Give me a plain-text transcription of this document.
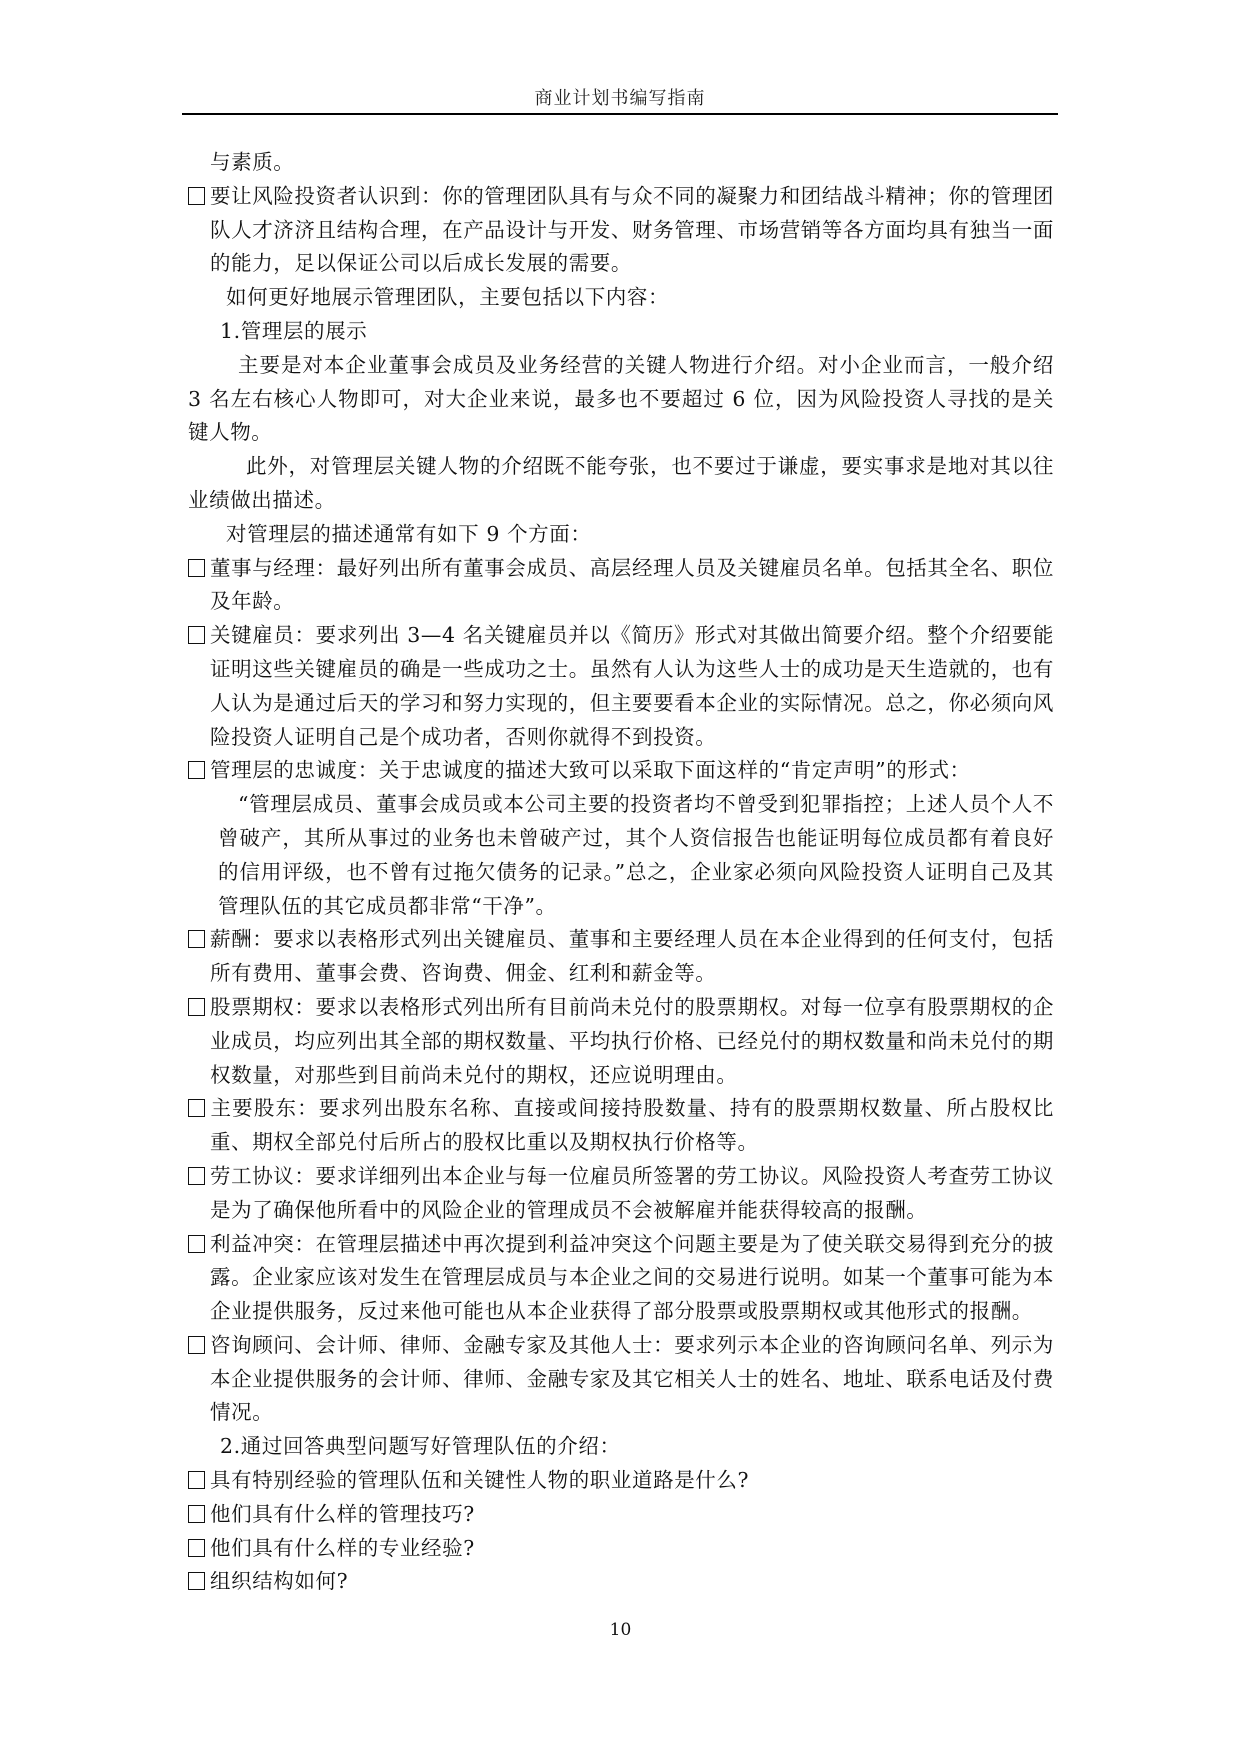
商业计划书编写指南

与素质。

要让风险投资者认识到：你的管理团队具有与众不同的凝聚力和团结战斗精神；你的管理团队人才济济且结构合理，在产品设计与开发、财务管理、市场营销等各方面均具有独当一面的能力，足以保证公司以后成长发展的需要。

如何更好地展示管理团队，主要包括以下内容：

1.管理层的展示

主要是对本企业董事会成员及业务经营的关键人物进行介绍。对小企业而言，一般介绍 3 名左右核心人物即可，对大企业来说，最多也不要超过 6 位，因为风险投资人寻找的是关键人物。

此外，对管理层关键人物的介绍既不能夸张，也不要过于谦虚，要实事求是地对其以往业绩做出描述。

对管理层的描述通常有如下 9 个方面：

董事与经理：最好列出所有董事会成员、高层经理人员及关键雇员名单。包括其全名、职位及年龄。

关键雇员：要求列出 3—4 名关键雇员并以《简历》形式对其做出简要介绍。整个介绍要能证明这些关键雇员的确是一些成功之士。虽然有人认为这些人士的成功是天生造就的，也有人认为是通过后天的学习和努力实现的，但主要要看本企业的实际情况。总之，你必须向风险投资人证明自己是个成功者，否则你就得不到投资。

管理层的忠诚度：关于忠诚度的描述大致可以采取下面这样的“肯定声明”的形式：

“管理层成员、董事会成员或本公司主要的投资者均不曾受到犯罪指控；上述人员个人不曾破产，其所从事过的业务也未曾破产过，其个人资信报告也能证明每位成员都有着良好的信用评级，也不曾有过拖欠债务的记录。”总之，企业家必须向风险投资人证明自己及其管理队伍的其它成员都非常“干净”。

薪酬：要求以表格形式列出关键雇员、董事和主要经理人员在本企业得到的任何支付，包括所有费用、董事会费、咨询费、佣金、红利和薪金等。

股票期权：要求以表格形式列出所有目前尚未兑付的股票期权。对每一位享有股票期权的企业成员，均应列出其全部的期权数量、平均执行价格、已经兑付的期权数量和尚未兑付的期权数量，对那些到目前尚未兑付的期权，还应说明理由。

主要股东：要求列出股东名称、直接或间接持股数量、持有的股票期权数量、所占股权比重、期权全部兑付后所占的股权比重以及期权执行价格等。

劳工协议：要求详细列出本企业与每一位雇员所签署的劳工协议。风险投资人考查劳工协议是为了确保他所看中的风险企业的管理成员不会被解雇并能获得较高的报酬。

利益冲突：在管理层描述中再次提到利益冲突这个问题主要是为了使关联交易得到充分的披露。企业家应该对发生在管理层成员与本企业之间的交易进行说明。如某一个董事可能为本企业提供服务，反过来他可能也从本企业获得了部分股票或股票期权或其他形式的报酬。

咨询顾问、会计师、律师、金融专家及其他人士：要求列示本企业的咨询顾问名单、列示为本企业提供服务的会计师、律师、金融专家及其它相关人士的姓名、地址、联系电话及付费情况。

2.通过回答典型问题写好管理队伍的介绍：

具有特别经验的管理队伍和关键性人物的职业道路是什么?

他们具有什么样的管理技巧?

他们具有什么样的专业经验?

组织结构如何?

10
